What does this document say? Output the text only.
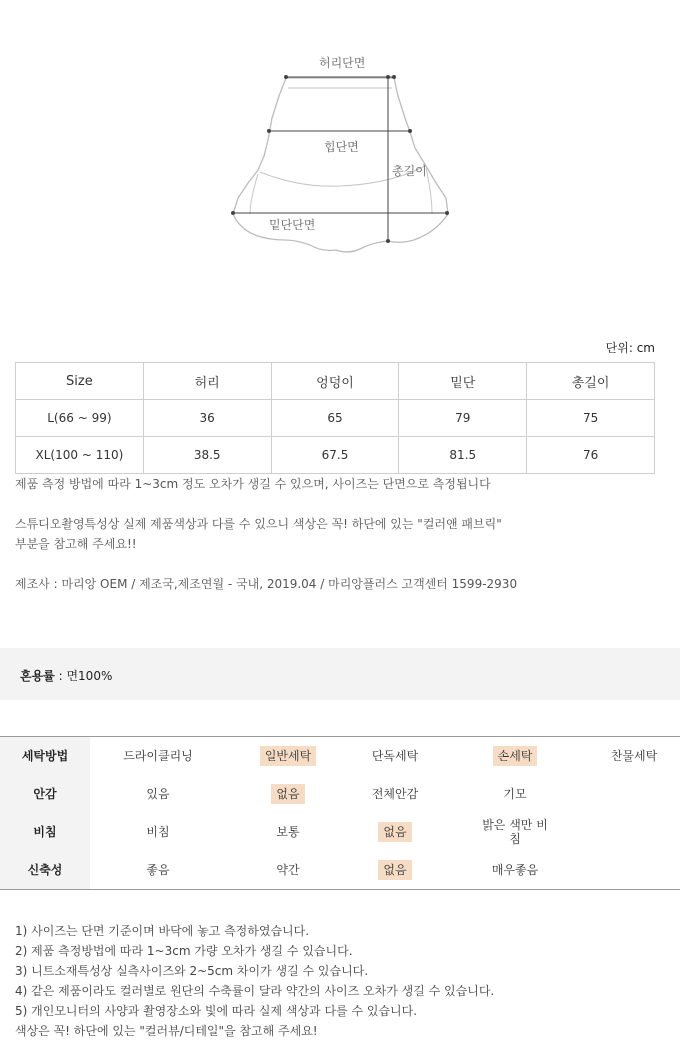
허리단면
힙단면
총길이
밑단단면
단위: cm
Size	허리	엉덩이	밑단	총길이
L(66 ~ 99)	36	65	79	75
XL(100 ~ 110)	38.5	67.5	81.5	76
제품 측정 방법에 따라 1~3cm 정도 오차가 생길 수 있으며, 사이즈는 단면으로 측정됩니다
스튜디오촬영특성상 실제 제품색상과 다를 수 있으니 색상은 꼭! 하단에 있는 "컬러앤 패브릭"
부분을 참고해 주세요!!
제조사 : 마리앙 OEM / 제조국,제조연월 - 국내, 2019.04 / 마리앙플러스 고객센터 1599-2930
혼용률 : 면100%
세탁방법	드라이클리닝	일반세탁	단독세탁	손세탁	찬물세탁
안감	있음	없음	전체안감	기모
비침	비침	보통	없음	밝은 색만 비침
신축성	좋음	약간	없음	매우좋음
1) 사이즈는 단면 기준이며 바닥에 놓고 측정하였습니다.
2) 제품 측정방법에 따라 1~3cm 가량 오차가 생길 수 있습니다.
3) 니트소재특성상 실측사이즈와 2~5cm 차이가 생길 수 있습니다.
4) 같은 제품이라도 컬러별로 원단의 수축률이 달라 약간의 사이즈 오차가 생길 수 있습니다.
5) 개인모니터의 사양과 촬영장소와 빛에 따라 실제 색상과 다를 수 있습니다.
색상은 꼭! 하단에 있는 "컬러뷰/디테일"을 참고해 주세요!
